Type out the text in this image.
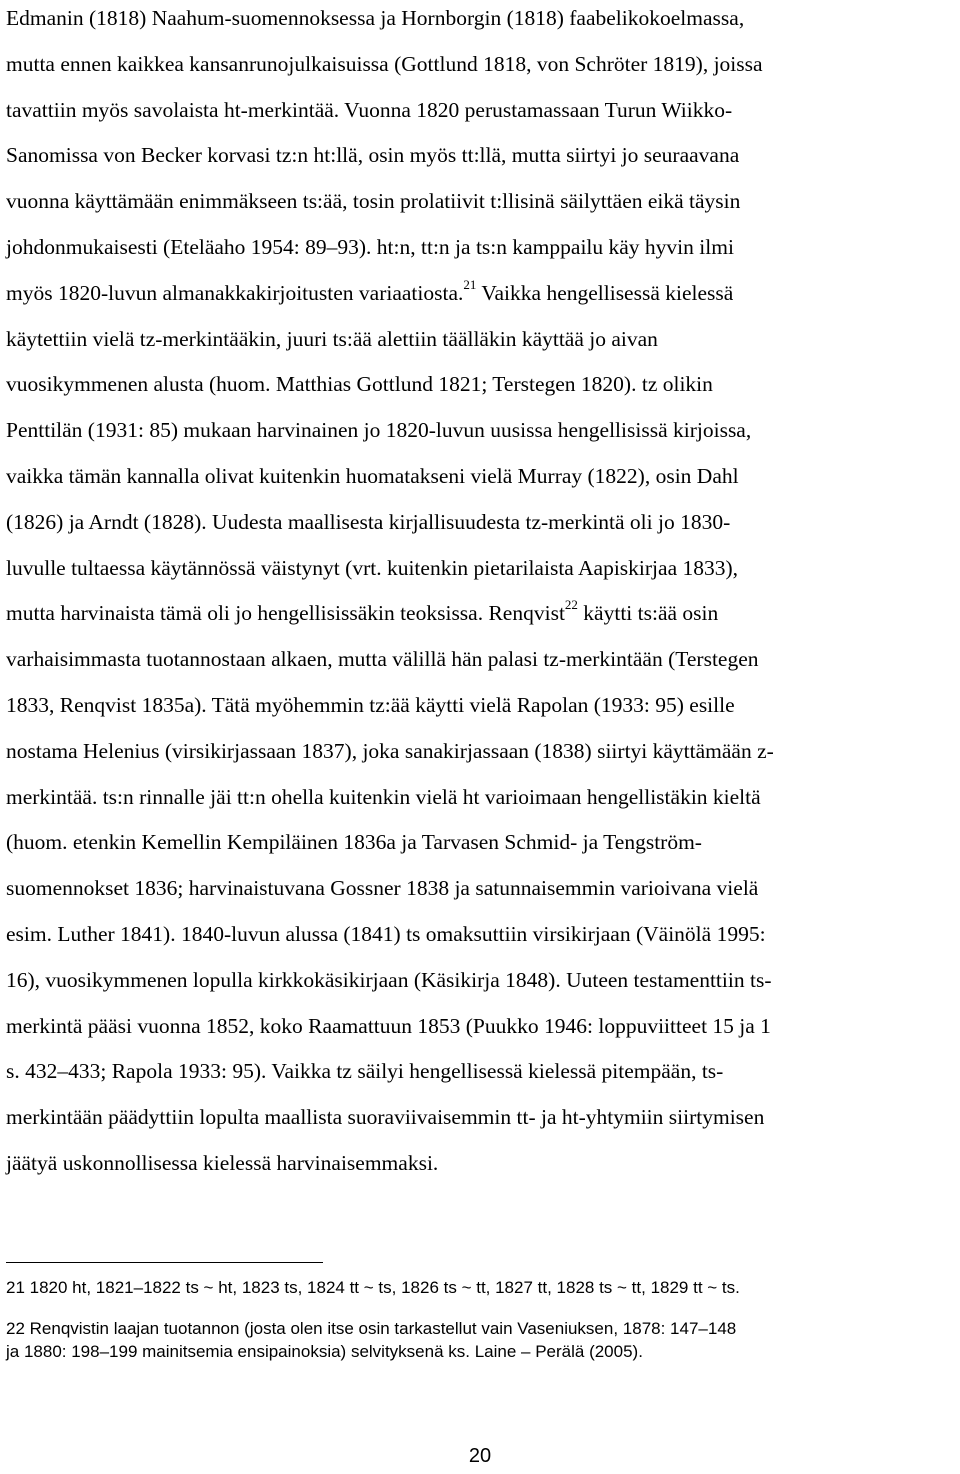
Edmanin (1818) Naahum-suomennoksessa ja Hornborgin (1818) faabelikokoelmassa,
mutta ennen kaikkea kansanrunojulkaisuissa (Gottlund 1818, von Schröter 1819), joissa
tavattiin myös savolaista ht-merkintää. Vuonna 1820 perustamassaan Turun Wiikko-
Sanomissa von Becker korvasi tz:n ht:llä, osin myös tt:llä, mutta siirtyi jo seuraavana
vuonna käyttämään enimmäkseen ts:ää, tosin prolatiivit t:llisinä säilyttäen eikä täysin
johdonmukaisesti (Eteläaho 1954: 89–93). ht:n, tt:n ja ts:n kamppailu käy hyvin ilmi
myös 1820-luvun almanakkakirjoitusten variaatiosta.$^{21}$ Vaikka hengellisessä kielessä
käytettiin vielä tz-merkintääkin, juuri ts:ää alettiin täälläkin käyttää jo aivan
vuosikymmenen alusta (huom. Matthias Gottlund 1821; Terstegen 1820). tz olikin
Penttilän (1931: 85) mukaan harvinainen jo 1820-luvun uusissa hengellisissä kirjoissa,
vaikka tämän kannalla olivat kuitenkin huomatakseni vielä Murray (1822), osin Dahl
(1826) ja Arndt (1828). Uudesta maallisesta kirjallisuudesta tz-merkintä oli jo 1830-
luvulle tultaessa käytännössä väistynyt (vrt. kuitenkin pietarilaista Aapiskirjaa 1833),
mutta harvinaista tämä oli jo hengellisissäkin teoksissa. Renqvist$^{22}$ käytti ts:ää osin
varhaisimmasta tuotannostaan alkaen, mutta välillä hän palasi tz-merkintään (Terstegen
1833, Renqvist 1835a). Tätä myöhemmin tz:ää käytti vielä Rapolan (1933: 95) esille
nostama Helenius (virsikirjassaan 1837), joka sanakirjassaan (1838) siirtyi käyttämään z-
merkintää. ts:n rinnalle jäi tt:n ohella kuitenkin vielä ht varioimaan hengellistäkin kieltä
(huom. etenkin Kemellin Kempiläinen 1836a ja Tarvasen Schmid- ja Tengström-
suomennokset 1836; harvinaistuvana Gossner 1838 ja satunnaisemmin varioivana vielä
esim. Luther 1841). 1840-luvun alussa (1841) ts omaksuttiin virsikirjaan (Väinölä 1995:
16), vuosikymmenen lopulla kirkkokäsikirjaan (Käsikirja 1848). Uuteen testamenttiin ts-
merkintä pääsi vuonna 1852, koko Raamattuun 1853 (Puukko 1946: loppuviitteet 15 ja 1
s. 432–433; Rapola 1933: 95). Vaikka tz säilyi hengellisessä kielessä pitempään, ts-
merkintään päädyttiin lopulta maallista suoraviivaisemmin tt- ja ht-yhtymiin siirtymisen
jäätyä uskonnollisessa kielessä harvinaisemmaksi.
21 1820 ht, 1821–1822 ts ~ ht, 1823 ts, 1824 tt ~ ts, 1826 ts ~ tt, 1827 tt, 1828 ts ~ tt, 1829 tt ~ ts.
22 Renqvistin laajan tuotannon (josta olen itse osin tarkastellut vain Vaseniuksen, 1878: 147–148
ja 1880: 198–199 mainitsemia ensipainoksia) selvityksenä ks. Laine – Perälä (2005).
20
